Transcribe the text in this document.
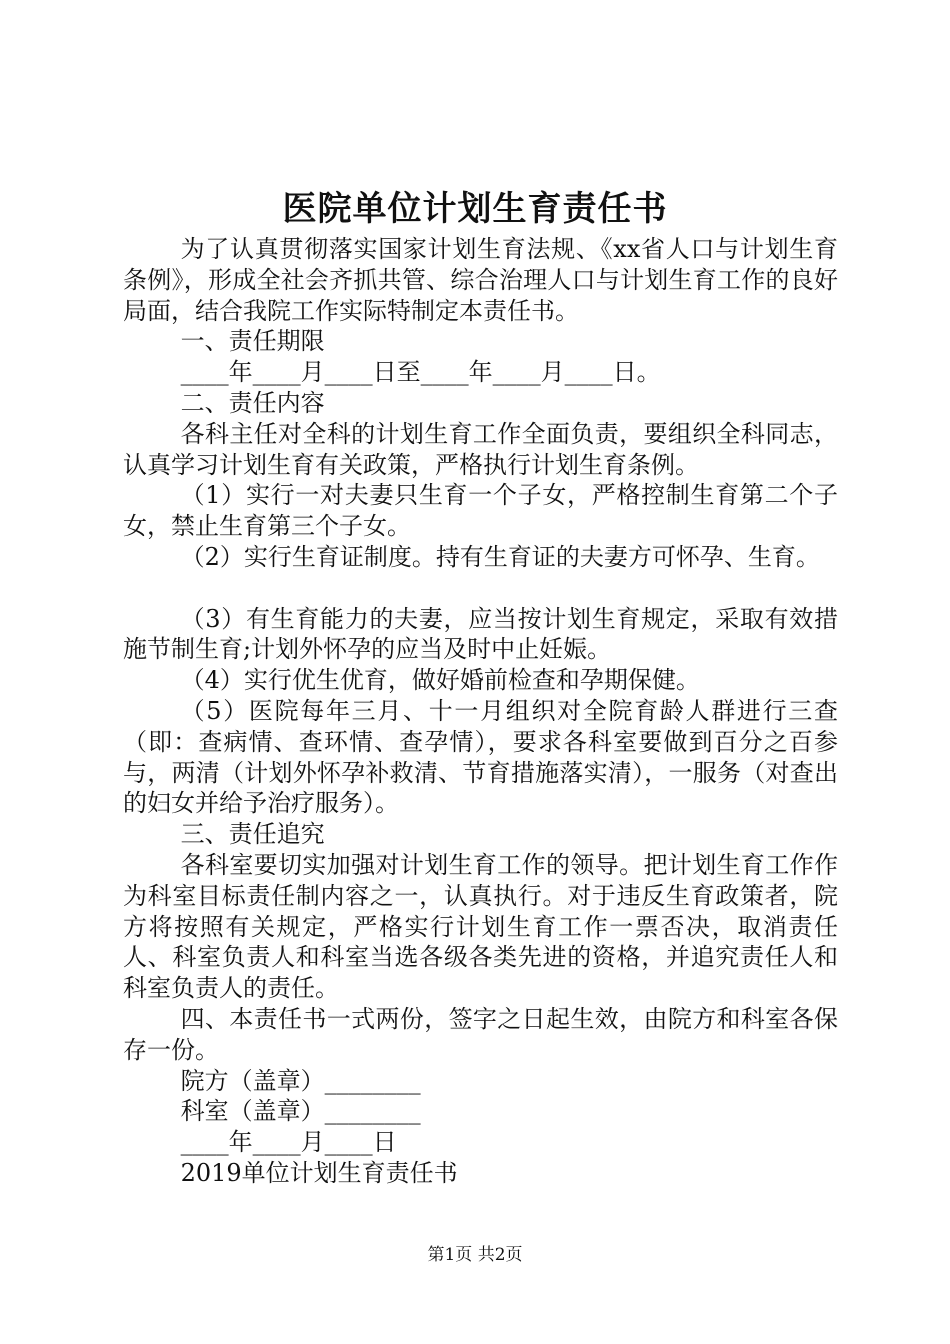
医院单位计划生育责任书

为了认真贯彻落实国家计划生育法规、《xx省人口与计划生育条例》，形成全社会齐抓共管、综合治理人口与计划生育工作的良好局面，结合我院工作实际特制定本责任书。

一、责任期限

____年____月____日至____年____月____日。

二、责任内容

各科主任对全科的计划生育工作全面负责，要组织全科同志，认真学习计划生育有关政策，严格执行计划生育条例。

（1）实行一对夫妻只生育一个子女，严格控制生育第二个子女，禁止生育第三个子女。

（2）实行生育证制度。持有生育证的夫妻方可怀孕、生育。

（3）有生育能力的夫妻，应当按计划生育规定，采取有效措施节制生育;计划外怀孕的应当及时中止妊娠。

（4）实行优生优育，做好婚前检查和孕期保健。

（5）医院每年三月、十一月组织对全院育龄人群进行三查（即：查病情、查环情、查孕情），要求各科室要做到百分之百参与，两清（计划外怀孕补救清、节育措施落实清），一服务（对查出的妇女并给予治疗服务）。

三、责任追究

各科室要切实加强对计划生育工作的领导。把计划生育工作作为科室目标责任制内容之一，认真执行。对于违反生育政策者，院方将按照有关规定，严格实行计划生育工作一票否决，取消责任人、科室负责人和科室当选各级各类先进的资格，并追究责任人和科室负责人的责任。

四、本责任书一式两份，签字之日起生效，由院方和科室各保存一份。

院方（盖章）________

科室（盖章）________

____年____月____日

2019单位计划生育责任书

第1页 共2页
